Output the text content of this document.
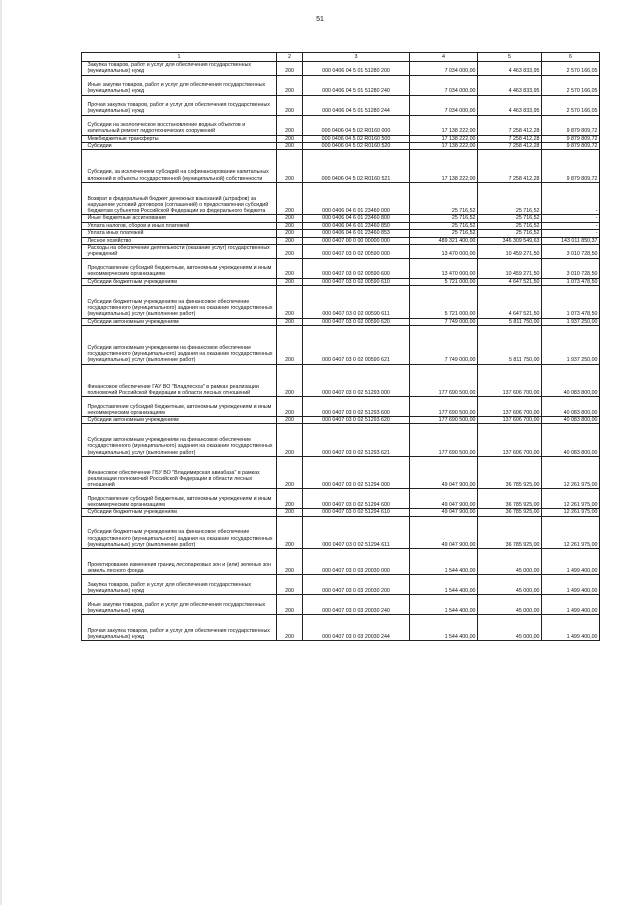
51
1	2	3	4	5	6

Закупка товаров, работ и услуг для обеспечения государственных (муниципальных) нужд	200	000 0406 04 5 01 51280 200	7 034 000,00	4 463 833,95	2 570 166,05

Иные закупки товаров, работ и услуг для обеспечения государственных (муниципальных) нужд	200	000 0406 04 5 01 51280 240	7 034 000,00	4 463 833,95	2 570 166,05

Прочая закупка товаров, работ и услуг для обеспечения государственных (муниципальных) нужд	200	000 0406 04 5 01 51280 244	7 034 000,00	4 463 833,95	2 570 166,05

Субсидии на экологическое восстановление водных объектов и капитальный ремонт гидротехнических сооружений	200	000 0406 04 5 02 R0160 000	17 138 222,00	7 258 412,28	9 879 809,72

Межбюджетные трансферты	200	000 0406 04 5 02 R0160 500	17 138 222,00	7 258 412,28	9 879 809,72

Субсидии	200	000 0406 04 5 02 R0160 520	17 138 222,00	7 258 412,28	9 879 809,72

Субсидии, за исключением субсидий на софинансирование капитальных вложений в объекты государственной (муниципальной) собственности	200	000 0406 04 5 02 R0160 521	17 138 222,00	7 258 412,28	9 879 809,72

Возврат в федеральный бюджет денежных взысканий (штрафов) за нарушение условий договоров (соглашений) о предоставлении субсидий бюджетам субъектов Российской Федерации из федерального бюджета	200	000 0406 04 6 01 23460 000	25 716,52	25 716,52	-

Иные бюджетные ассигнования	200	000 0406 04 6 01 23460 800	25 716,52	25 716,52	-

Уплата налогов, сборов и иных платежей	200	000 0406 04 6 01 23460 850	25 716,52	25 716,52	-

Уплата иных платежей	200	000 0406 04 6 01 23460 853	25 716,52	25 716,52	-

Лесное хозяйство	200	000 0407 00 0 00 00000 000	489 321 400,00	346 309 549,63	143 011 850,37

Расходы на обеспечение деятельности (оказание услуг) государственных учреждений	200	000 0407 03 0 02 00590 000	13 470 000,00	10 459 271,50	3 010 728,50

Предоставление субсидий бюджетным, автономным учреждениям и иным некоммерческим организациям	200	000 0407 03 0 02 00590 600	13 470 000,00	10 459 271,50	3 010 728,50

Субсидии бюджетным учреждениям	200	000 0407 03 0 02 00590 610	5 721 000,00	4 647 521,50	1 073 478,50

Субсидии бюджетным учреждениям на финансовое обеспечение государственного (муниципального) задания на оказание государственных (муниципальных) услуг (выполнение работ)	200	000 0407 03 0 02 00590 611	5 721 000,00	4 647 521,50	1 073 478,50

Субсидии автономным учреждениям	200	000 0407 03 0 02 00590 620	7 749 000,00	5 811 750,00	1 937 250,00

Субсидии автономным учреждениям на финансовое обеспечение государственного (муниципального) задания на оказание государственных (муниципальных) услуг (выполнение работ)	200	000 0407 03 0 02 00590 621	7 749 000,00	5 811 750,00	1 937 250,00

Финансовое обеспечение ГАУ ВО "Владлесхоз" в рамках реализации полномочий Российской Федерации в области лесных отношений	200	000 0407 03 0 02 51293 000	177 690 500,00	137 606 700,00	40 083 800,00

Предоставление субсидий бюджетным, автономным учреждениям и иным некоммерческим организациям	200	000 0407 03 0 02 51293 600	177 690 500,00	137 606 700,00	40 083 800,00

Субсидии автономным учреждениям	200	000 0407 03 0 02 51293 620	177 690 500,00	137 606 700,00	40 083 800,00

Субсидии автономным учреждениям на финансовое обеспечение государственного (муниципального) задания на оказание государственных (муниципальных) услуг (выполнение работ)	200	000 0407 03 0 02 51293 621	177 690 500,00	137 606 700,00	40 083 800,00

Финансовое обеспечение ГБУ ВО "Владимирская авиабаза" в рамках реализации полномочий Российской Федерации в области лесных отношений	200	000 0407 03 0 02 51294 000	49 047 900,00	36 785 925,00	12 261 975,00

Предоставление субсидий бюджетным, автономным учреждениям и иным некоммерческим организациям	200	000 0407 03 0 02 51294 600	49 047 900,00	36 785 925,00	12 261 975,00

Субсидии бюджетным учреждениям	200	000 0407 03 0 02 51294 610	49 047 900,00	36 785 925,00	12 261 975,00

Субсидии бюджетным учреждениям на финансовое обеспечение государственного (муниципального) задания на оказание государственных (муниципальных) услуг (выполнение работ)	200	000 0407 03 0 02 51294 611	49 047 900,00	36 785 925,00	12 261 975,00

Проектирование изменения границ лесопарковых зон и (или) зеленых зон земель лесного фонда	200	000 0407 03 0 03 20030 000	1 544 400,00	45 000,00	1 499 400,00

Закупка товаров, работ и услуг для обеспечения государственных (муниципальных) нужд	200	000 0407 03 0 03 20030 200	1 544 400,00	45 000,00	1 499 400,00

Иные закупки товаров, работ и услуг для обеспечения государственных (муниципальных) нужд	200	000 0407 03 0 03 20030 240	1 544 400,00	45 000,00	1 499 400,00

Прочая закупка товаров, работ и услуг для обеспечения государственных (муниципальных) нужд	200	000 0407 03 0 03 20030 244	1 544 400,00	45 000,00	1 499 400,00
